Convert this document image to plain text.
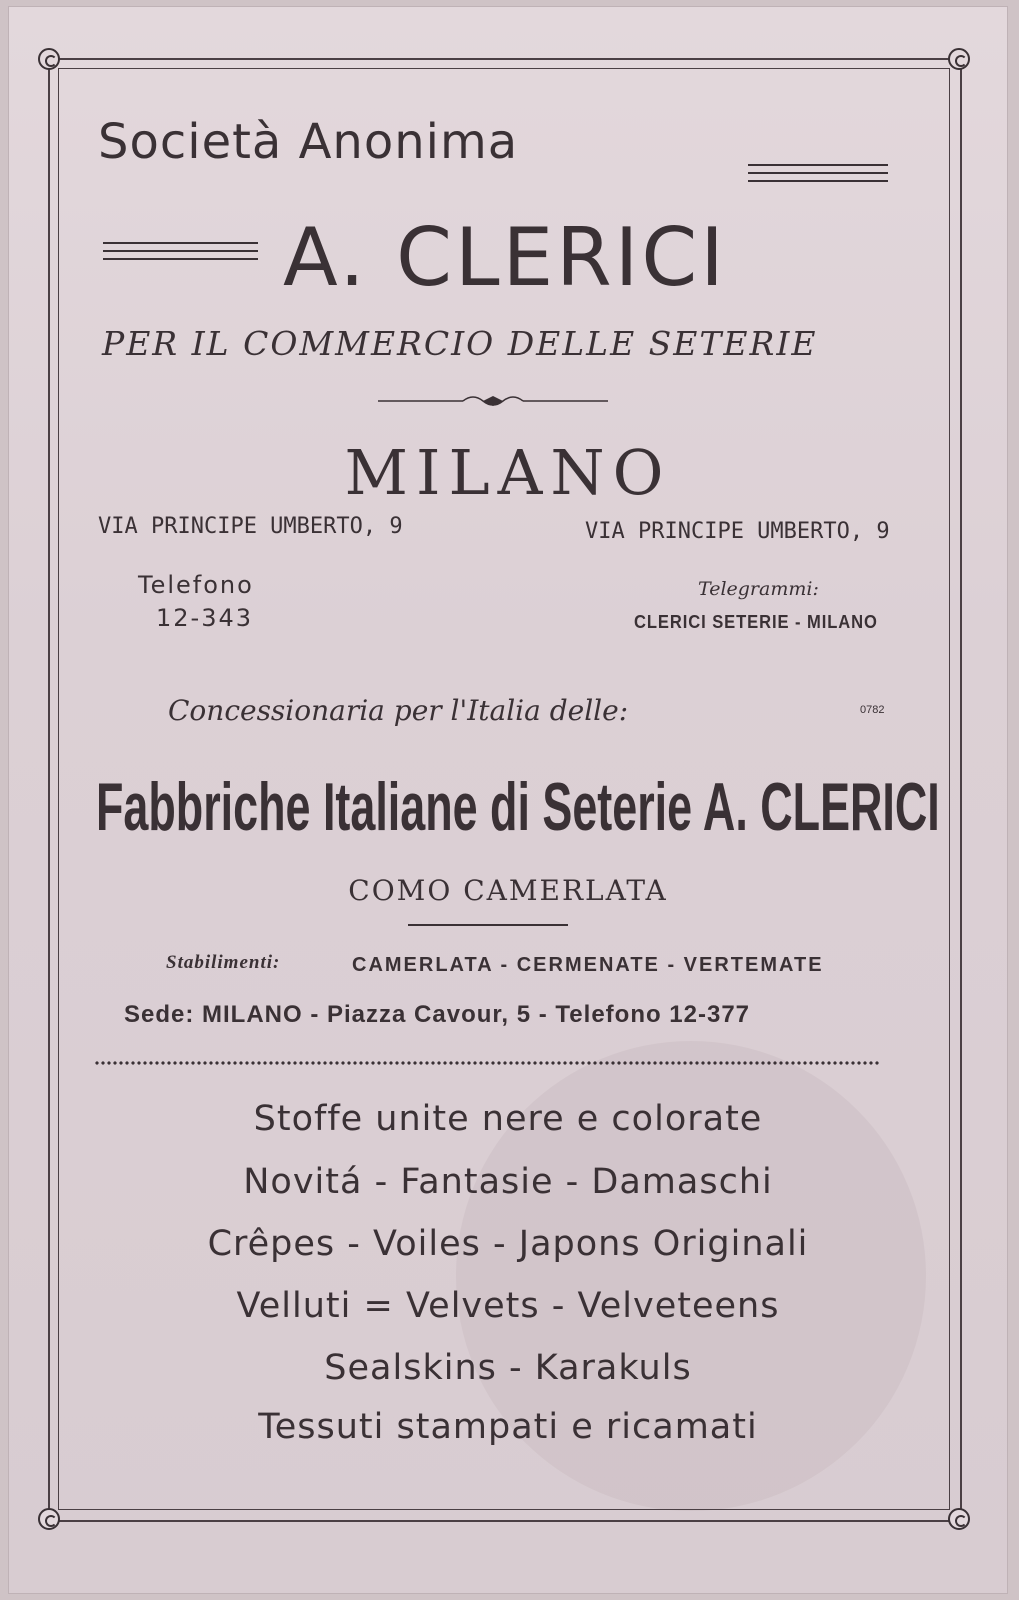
Società Anonima
A. CLERICI
PER IL COMMERCIO DELLE SETERIE
MILANO
VIA PRINCIPE UMBERTO, 9	VIA PRINCIPE UMBERTO, 9
Telefono
12-343
Telegrammi:
CLERICI SETERIE - MILANO
Concessionaria per l'Italia delle:	0782
Fabbriche Italiane di Seterie A. CLERICI
COMO CAMERLATA
Stabilimenti:	CAMERLATA - CERMENATE - VERTEMATE
Sede: MILANO - Piazza Cavour, 5 - Telefono 12-377
Stoffe unite nere e colorate
Novitá - Fantasie - Damaschi
Crêpes - Voiles - Japons Originali
Velluti = Velvets - Velveteens
Sealskins - Karakuls
Tessuti stampati e ricamati
